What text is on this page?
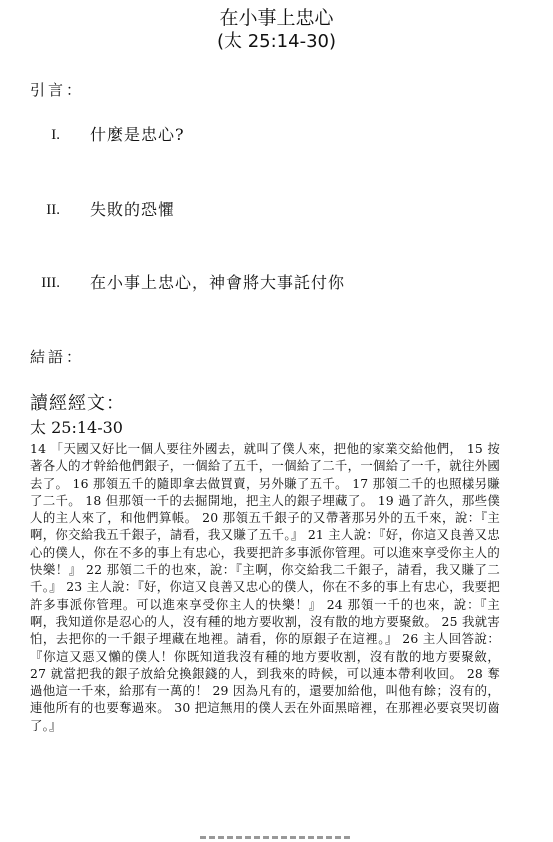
在小事上忠心
(太 25:14-30)
引言：
I. 什麼是忠心?
II. 失敗的恐懼
III. 在小事上忠心，神會將大事託付你
結語：
讀經經文：
太 25:14-30
14 「天國又好比一個人要往外國去，就叫了僕人來，把他的家業交給他們， 15 按著各人的才幹給他們銀子，一個給了五千，一個給了二千，一個給了一千，就往外國去了。 16 那領五千的隨即拿去做買賣，另外賺了五千。 17 那領二千的也照樣另賺了二千。 18 但那領一千的去掘開地，把主人的銀子埋藏了。 19 過了許久，那些僕人的主人來了，和他們算帳。 20 那領五千銀子的又帶著那另外的五千來，說：『主啊，你交給我五千銀子，請看，我又賺了五千。』 21 主人說：『好，你這又良善又忠心的僕人，你在不多的事上有忠心，我要把許多事派你管理。可以進來享受你主人的快樂！』 22 那領二千的也來，說：『主啊，你交給我二千銀子，請看，我又賺了二千。』 23 主人說：『好，你這又良善又忠心的僕人，你在不多的事上有忠心，我要把許多事派你管理。可以進來享受你主人的快樂！』 24 那領一千的也來，說：『主啊，我知道你是忍心的人，沒有種的地方要收割，沒有散的地方要聚斂。 25 我就害怕，去把你的一千銀子埋藏在地裡。請看，你的原銀子在這裡。』 26 主人回答說：『你這又惡又懶的僕人！你既知道我沒有種的地方要收割，沒有散的地方要聚斂， 27 就當把我的銀子放給兌換銀錢的人，到我來的時候，可以連本帶利收回。 28 奪過他這一千來，給那有一萬的！ 29 因為凡有的，還要加給他，叫他有餘；沒有的，連他所有的也要奪過來。 30 把這無用的僕人丟在外面黑暗裡，在那裡必要哀哭切齒了。』
